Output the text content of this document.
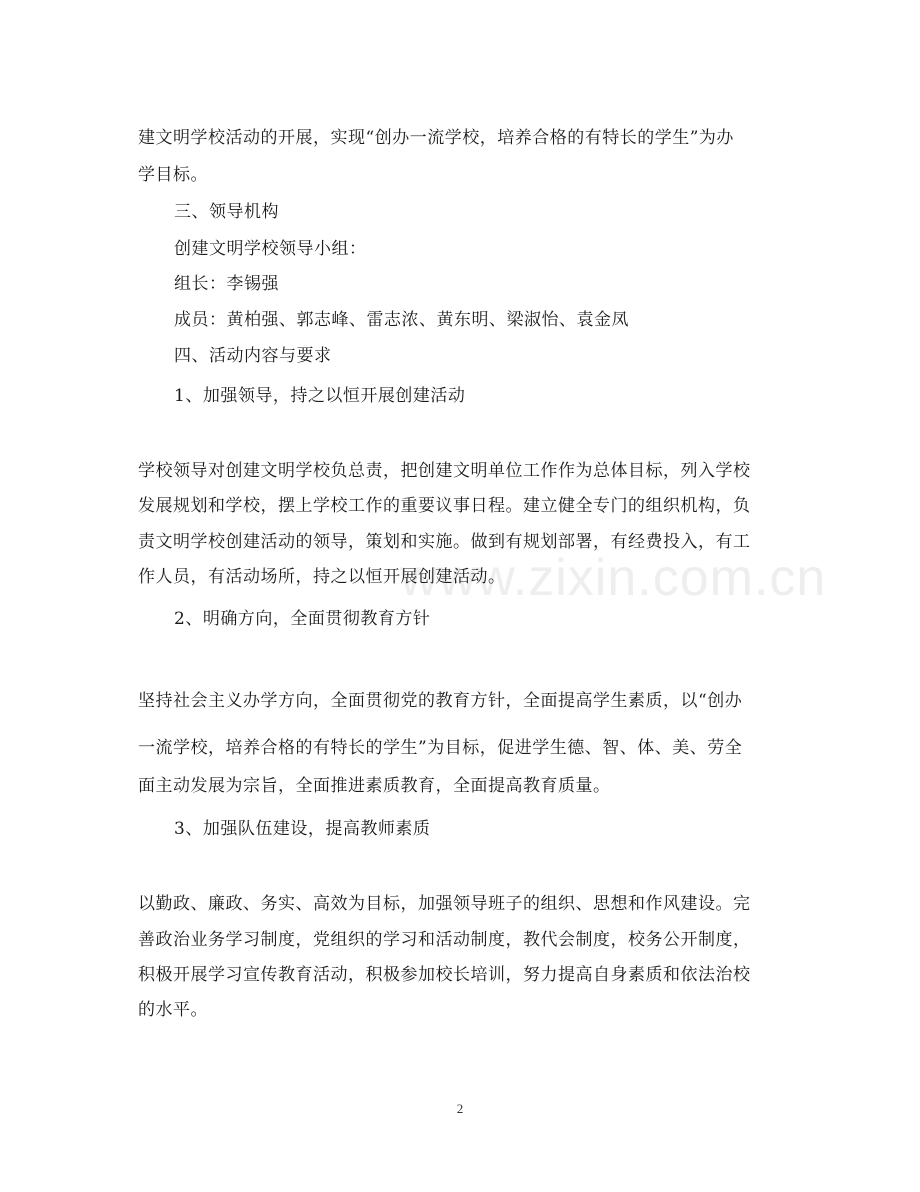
www.zixin.com.cn
建文明学校活动的开展，实现“创办一流学校，培养合格的有特长的学生”为办
学目标。
三、领导机构
创建文明学校领导小组：
组长：李锡强
成员：黄柏强、郭志峰、雷志浓、黄东明、梁淑怡、袁金凤
四、活动内容与要求
1、加强领导，持之以恒开展创建活动
学校领导对创建文明学校负总责，把创建文明单位工作作为总体目标，列入学校
发展规划和学校，摆上学校工作的重要议事日程。建立健全专门的组织机构，负
责文明学校创建活动的领导，策划和实施。做到有规划部署，有经费投入，有工
作人员，有活动场所，持之以恒开展创建活动。
2、明确方向，全面贯彻教育方针
坚持社会主义办学方向，全面贯彻党的教育方针，全面提高学生素质，以“创办
一流学校，培养合格的有特长的学生”为目标，促进学生德、智、体、美、劳全
面主动发展为宗旨，全面推进素质教育，全面提高教育质量。
3、加强队伍建设，提高教师素质
以勤政、廉政、务实、高效为目标，加强领导班子的组织、思想和作风建设。完
善政治业务学习制度，党组织的学习和活动制度，教代会制度，校务公开制度，
积极开展学习宣传教育活动，积极参加校长培训，努力提高自身素质和依法治校
的水平。
2
